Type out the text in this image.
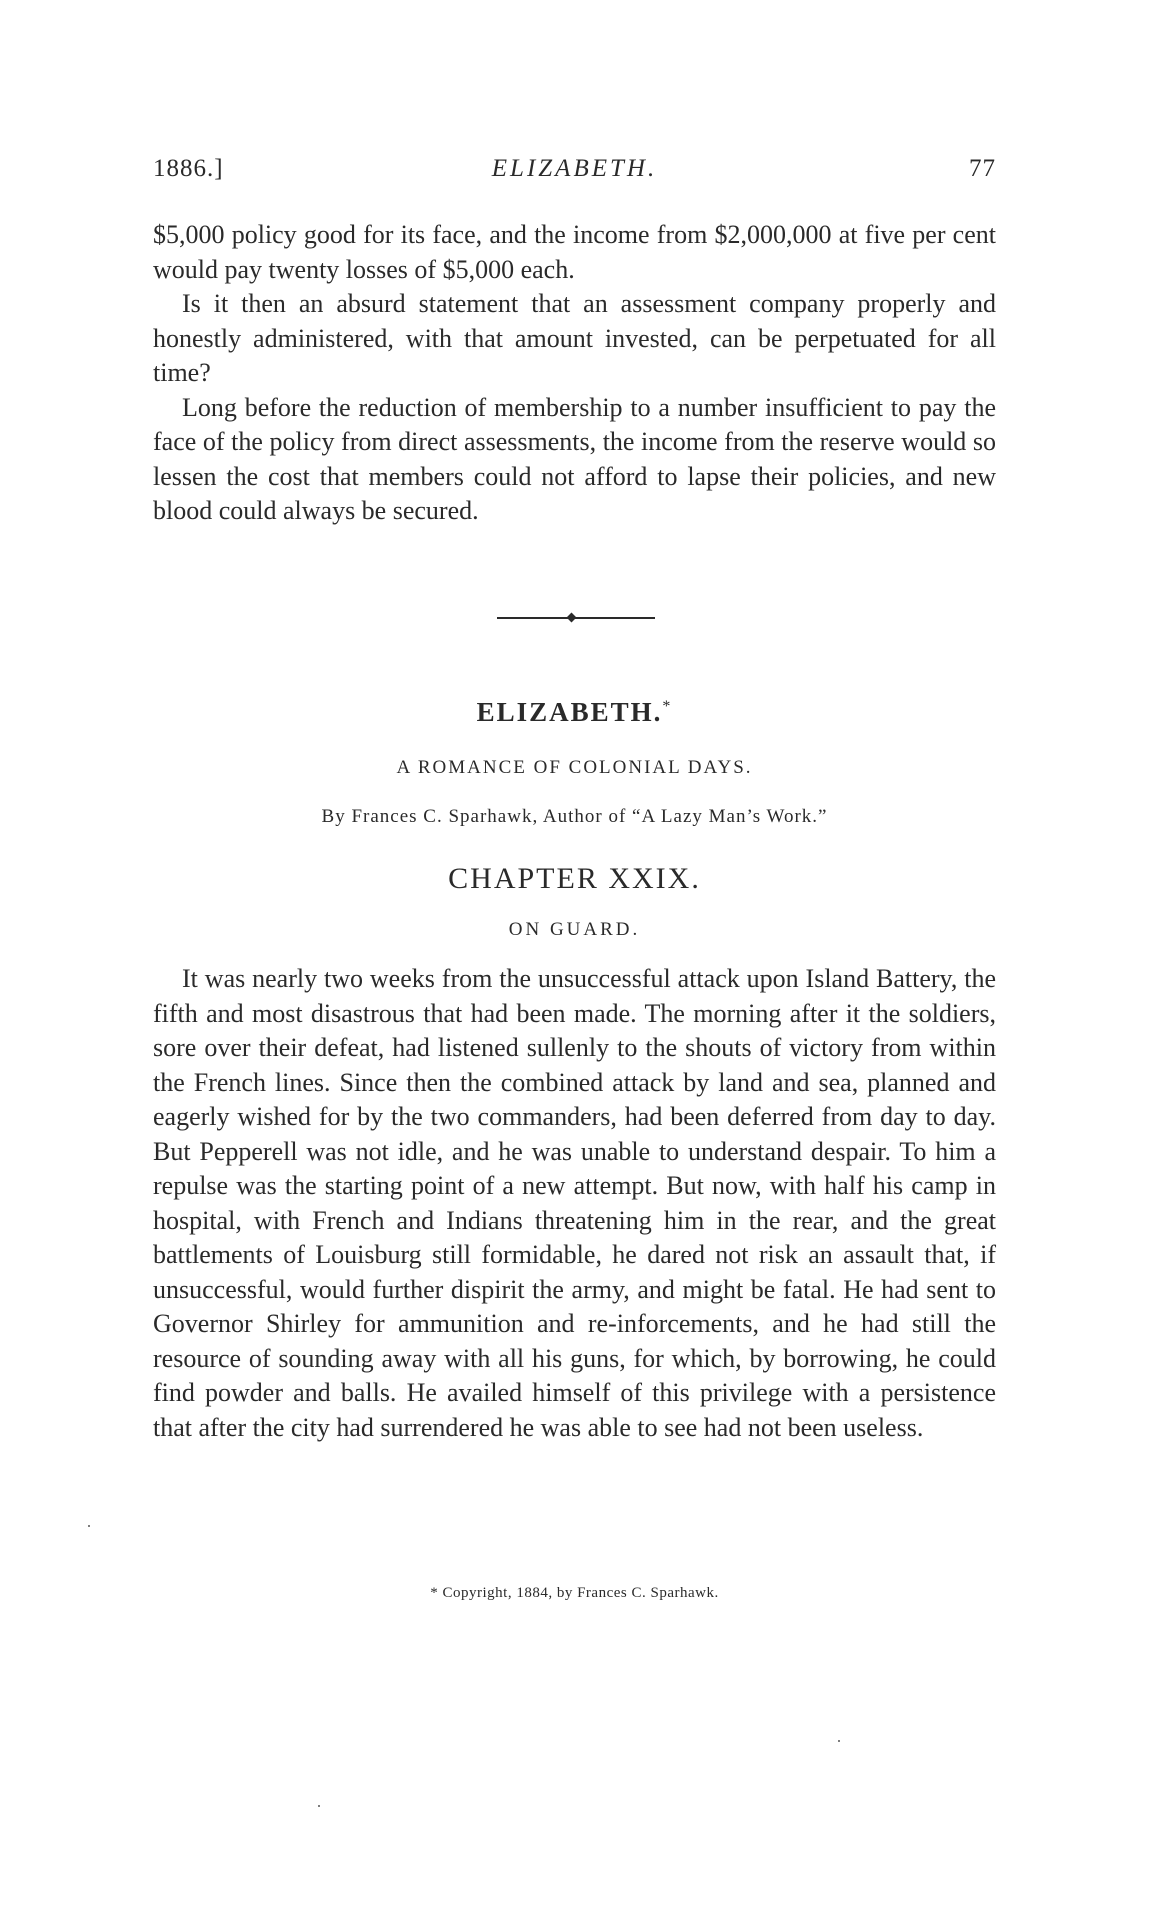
1886.]	ELIZABETH.	77

$5,000 policy good for its face, and the income from $2,000,000 at five per cent would pay twenty losses of $5,000 each.

Is it then an absurd statement that an assessment company properly and honestly administered, with that amount invested, can be perpetuated for all time?

Long before the reduction of membership to a number insufficient to pay the face of the policy from direct assessments, the income from the reserve would so lessen the cost that members could not afford to lapse their policies, and new blood could always be secured.

ELIZABETH.*
A ROMANCE OF COLONIAL DAYS.
By Frances C. Sparhawk, Author of “A Lazy Man’s Work.”
CHAPTER XXIX.
ON GUARD.

It was nearly two weeks from the unsuccessful attack upon Island Battery, the fifth and most disastrous that had been made. The morning after it the soldiers, sore over their defeat, had listened sullenly to the shouts of victory from within the French lines. Since then the combined attack by land and sea, planned and eagerly wished for by the two commanders, had been deferred from day to day. But Pepperell was not idle, and he was unable to understand despair. To him a repulse was the starting point of a new attempt. But now, with half his camp in hospital, with French and Indians threatening him in the rear, and the great battlements of Louisburg still formidable, he dared not risk an assault that, if unsuccessful, would further dispirit the army, and might be fatal. He had sent to Governor Shirley for ammunition and re-inforcements, and he had still the resource of sounding away with all his guns, for which, by borrowing, he could find powder and balls. He availed himself of this privilege with a persistence that after the city had surrendered he was able to see had not been useless.

* Copyright, 1884, by Frances C. Sparhawk.
